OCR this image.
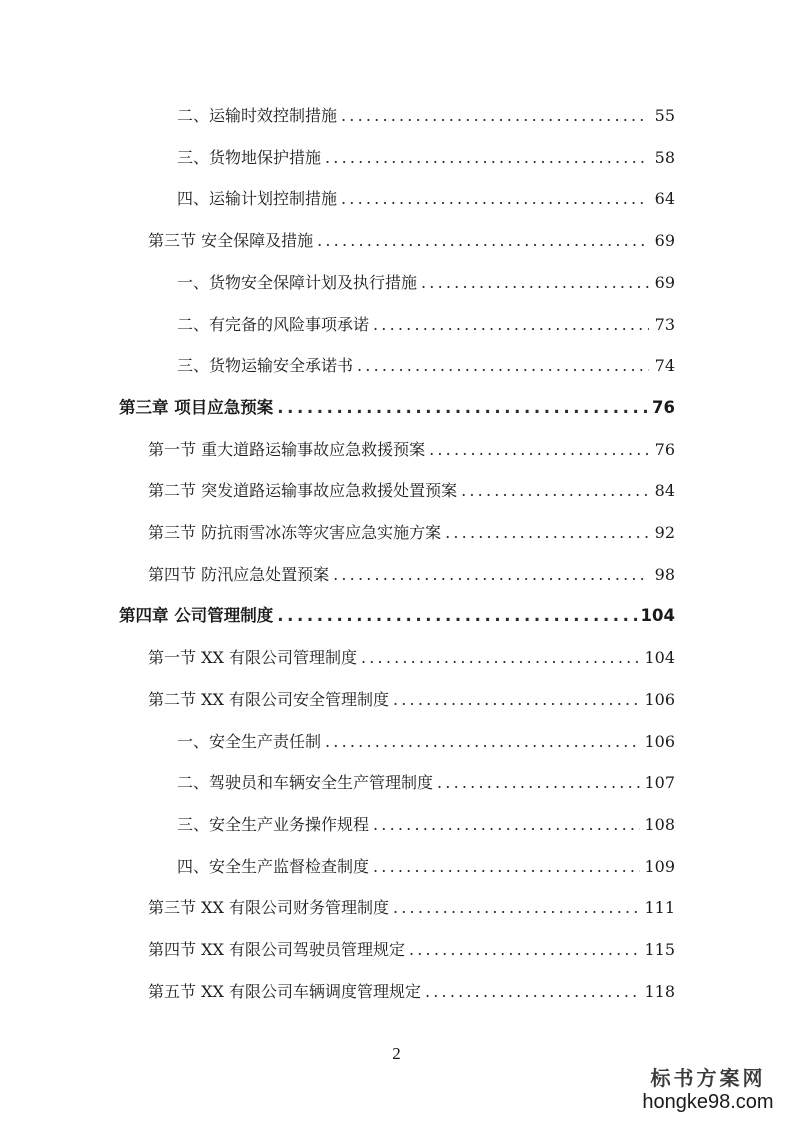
二、运输时效控制措施 .....	55
三、货物地保护措施 .....	58
四、运输计划控制措施 .....	64
第三节 安全保障及措施 .....	69
一、货物安全保障计划及执行措施 .....	69
二、有完备的风险事项承诺 .....	73
三、货物运输安全承诺书 .....	74
第三章 项目应急预案 .....	76
第一节 重大道路运输事故应急救援预案 .....	76
第二节 突发道路运输事故应急救援处置预案 .....	84
第三节 防抗雨雪冰冻等灾害应急实施方案 .....	92
第四节 防汛应急处置预案 .....	98
第四章 公司管理制度 .....	104
第一节 XX 有限公司管理制度 .....	104
第二节 XX 有限公司安全管理制度 .....	106
一、安全生产责任制 .....	106
二、驾驶员和车辆安全生产管理制度 .....	107
三、安全生产业务操作规程 .....	108
四、安全生产监督检查制度 .....	109
第三节 XX 有限公司财务管理制度 .....	111
第四节 XX 有限公司驾驶员管理规定 .....	115
第五节 XX 有限公司车辆调度管理规定 .....	118
2
标书方案网
hongke98.com
